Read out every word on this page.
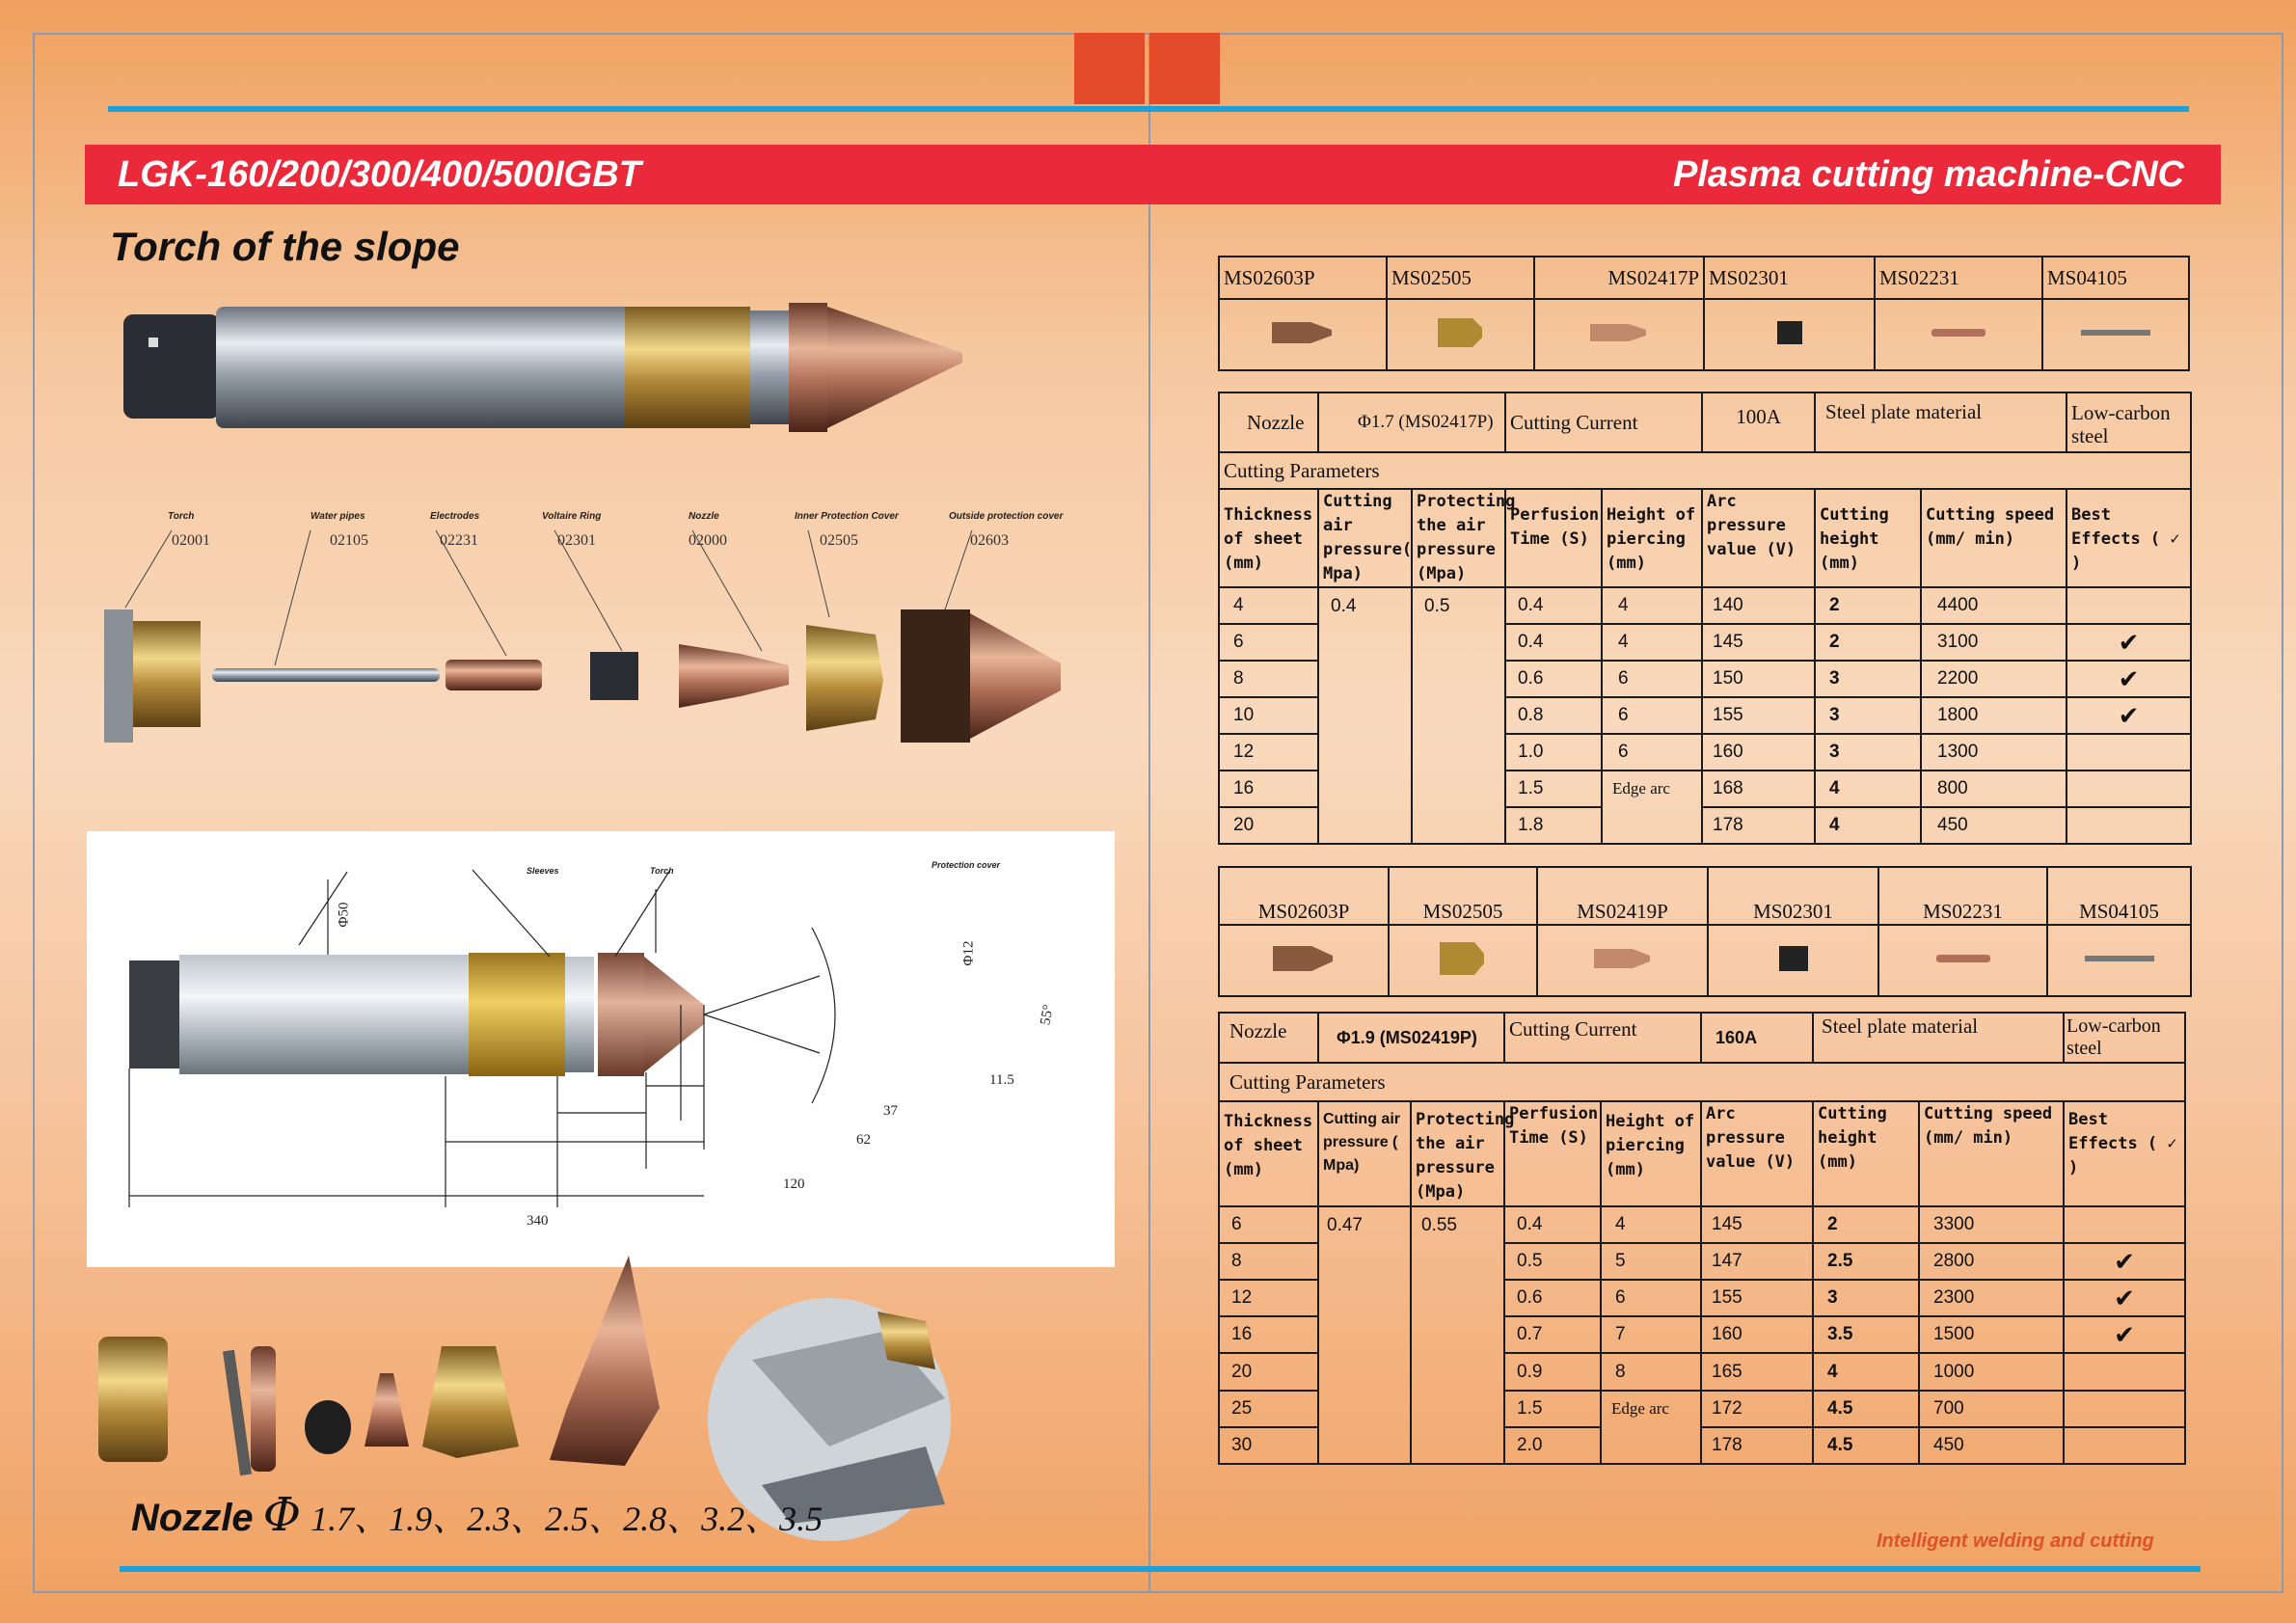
LGK-160/200/300/400/500IGBT	Plasma cutting machine-CNC
Torch of the slope
Torch	Water pipes	Electrodes	Voltaire Ring	Nozzle	Inner Protection Cover	Outside protection cover
02001	02105	02231	02301	02000	02505	02603
Sleeves	Torch
Protection cover
Φ50
Φ12
55°
11.5
37
62
120
340
Nozzle Φ 1.7、1.9、2.3、2.5、2.8、3.2、3.5
Intelligent welding and cutting
MS02603P	MS02505	MS02417P	MS02301	MS02231	MS04105

Nozzle	Φ1.7 (MS02417P)		Cutting Current		100A	Steel plate material		Low-carbon steel
Cutting Parameters								
Thickness of sheet (mm)	Cutting air pressure( Mpa)	Protecting the air pressure (Mpa)	Perfusion Time (S)	Height of piercing (mm)	Arc pressure value (V)	Cutting height (mm)	Cutting speed (mm/ min)	Best Effects ( ✓ )
4	0.4	0.5	0.4	4	140	2	4400	
6			0.4	4	145	2	3100	✔
8			0.6	6	150	3	2200	✔
10			0.8	6	155	3	1800	✔
12			1.0	6	160	3	1300	
16			1.5	Edge arc	168	4	800	
20			1.8		178	4	450	
MS02603P	MS02505	MS02419P	MS02301	MS02231	MS04105

Nozzle	Φ1.9 (MS02419P)		Cutting Current		160A	Steel plate material		Low-carbon steel
Cutting Parameters								
Thickness of sheet (mm)	Cutting air pressure ( Mpa)	Protecting the air pressure (Mpa)	Perfusion Time (S)	Height of piercing (mm)	Arc pressure value (V)	Cutting height (mm)	Cutting speed (mm/ min)	Best Effects ( ✓ )
6	0.47	0.55	0.4	4	145	2	3300	
8			0.5	5	147	2.5	2800	✔
12			0.6	6	155	3	2300	✔
16			0.7	7	160	3.5	1500	✔
20			0.9	8	165	4	1000	
25			1.5	Edge arc	172	4.5	700	
30			2.0		178	4.5	450	
